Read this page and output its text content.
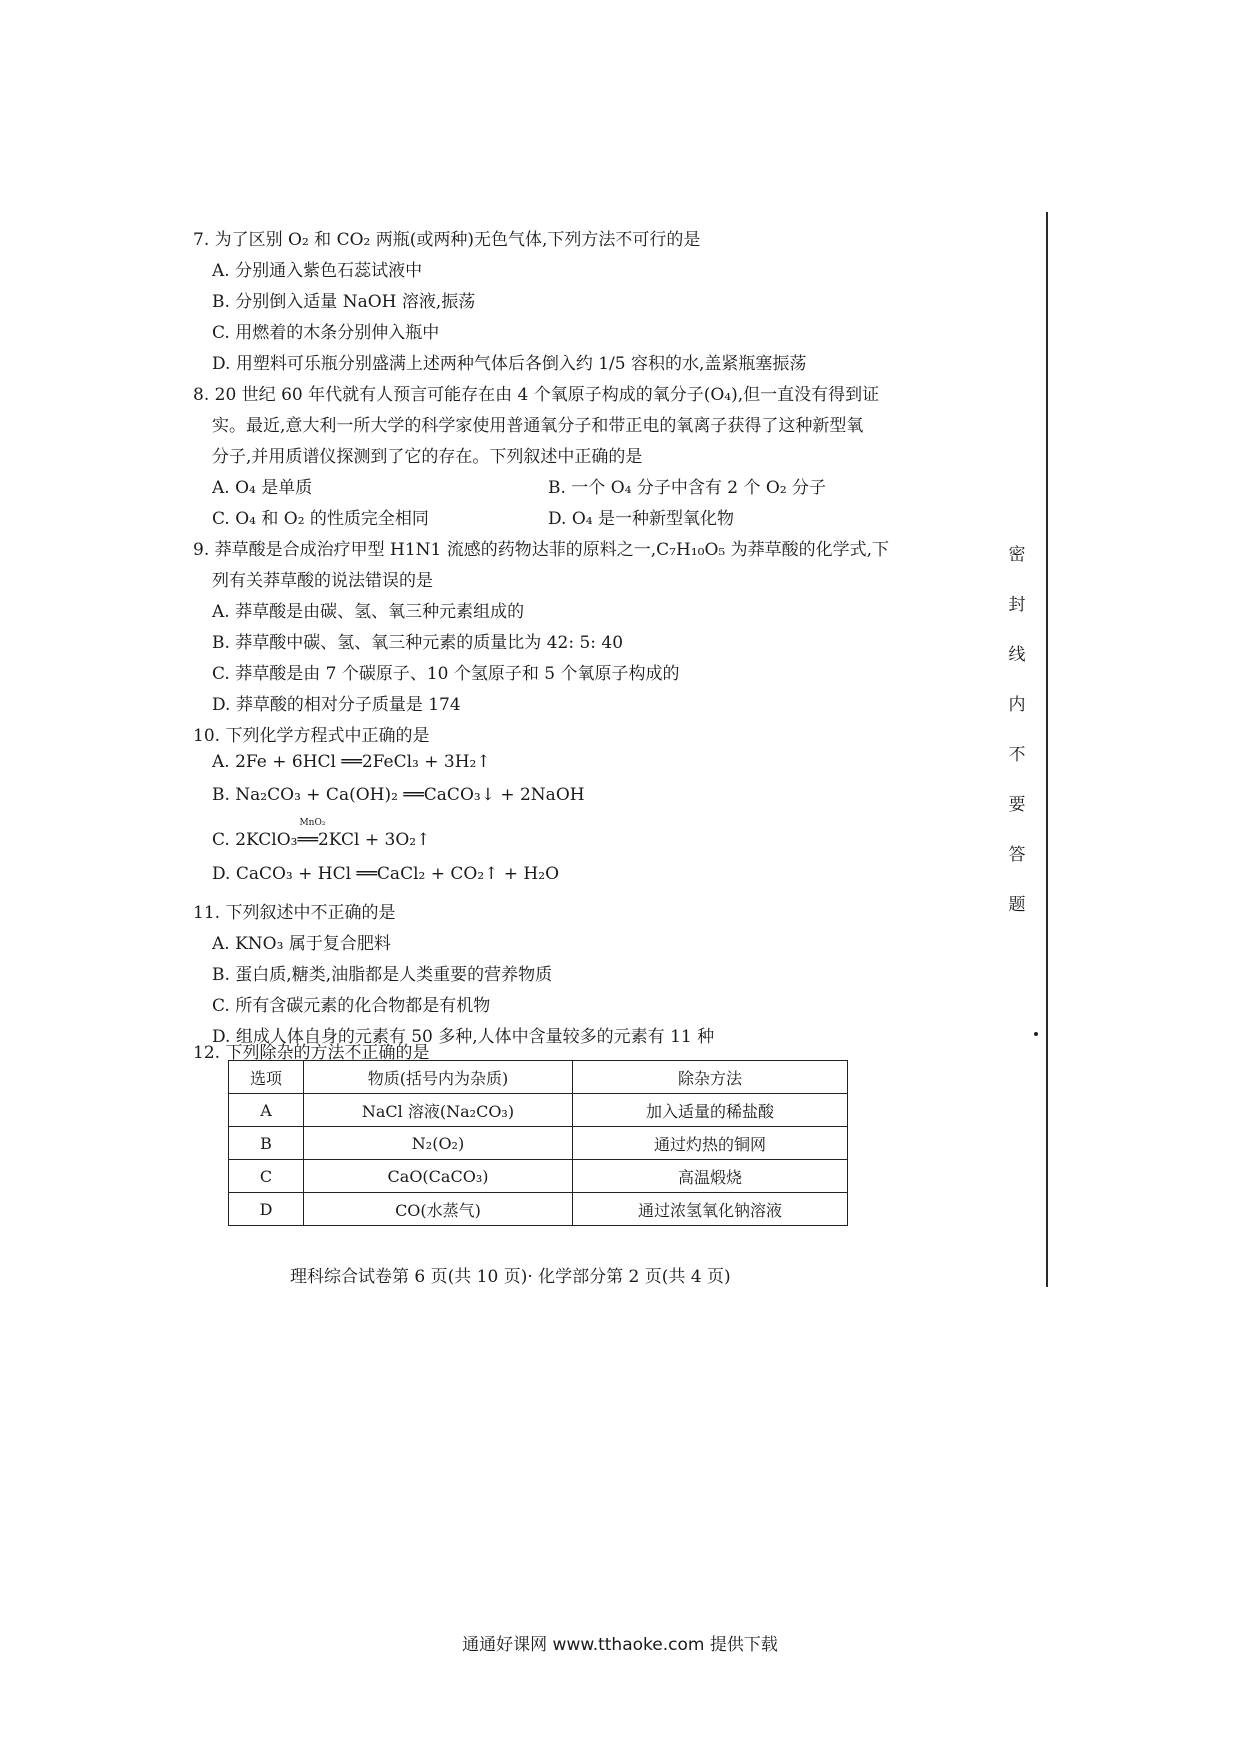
7. 为了区别 O₂ 和 CO₂ 两瓶(或两种)无色气体,下列方法不可行的是
A. 分别通入紫色石蕊试液中
B. 分别倒入适量 NaOH 溶液,振荡
C. 用燃着的木条分别伸入瓶中
D. 用塑料可乐瓶分别盛满上述两种气体后各倒入约 1/5 容积的水,盖紧瓶塞振荡
8. 20 世纪 60 年代就有人预言可能存在由 4 个氧原子构成的氧分子(O₄),但一直没有得到证
实。最近,意大利一所大学的科学家使用普通氧分子和带正电的氧离子获得了这种新型氧
分子,并用质谱仪探测到了它的存在。下列叙述中正确的是
A. O₄ 是单质	B. 一个 O₄ 分子中含有 2 个 O₂ 分子
C. O₄ 和 O₂ 的性质完全相同	D. O₄ 是一种新型氧化物
9. 莽草酸是合成治疗甲型 H1N1 流感的药物达菲的原料之一,C₇H₁₀O₅ 为莽草酸的化学式,下
列有关莽草酸的说法错误的是
A. 莽草酸是由碳、氢、氧三种元素组成的
B. 莽草酸中碳、氢、氧三种元素的质量比为 42: 5: 40
C. 莽草酸是由 7 个碳原子、10 个氢原子和 5 个氧原子构成的
D. 莽草酸的相对分子质量是 174
10. 下列化学方程式中正确的是
A. 2Fe + 6HCl ══2FeCl₃ + 3H₂↑
B. Na₂CO₃ + Ca(OH)₂ ══CaCO₃↓ + 2NaOH
C. 2KClO₃
MnO₂
══2KCl + 3O₂↑
D. CaCO₃ + HCl ══CaCl₂ + CO₂↑ + H₂O
11. 下列叙述中不正确的是
A. KNO₃ 属于复合肥料
B. 蛋白质,糖类,油脂都是人类重要的营养物质
C. 所有含碳元素的化合物都是有机物
D. 组成人体自身的元素有 50 多种,人体中含量较多的元素有 11 种
12. 下列除杂的方法不正确的是
选项	物质(括号内为杂质)	除杂方法
A	NaCl 溶液(Na₂CO₃)	加入适量的稀盐酸
B	N₂(O₂)	通过灼热的铜网
C	CaO(CaCO₃)	高温煅烧
D	CO(水蒸气)	通过浓氢氧化钠溶液
理科综合试卷第 6 页(共 10 页)· 化学部分第 2 页(共 4 页)
密
封
线
内
不
要
答
题
通通好课网 www.tthaoke.com 提供下载
